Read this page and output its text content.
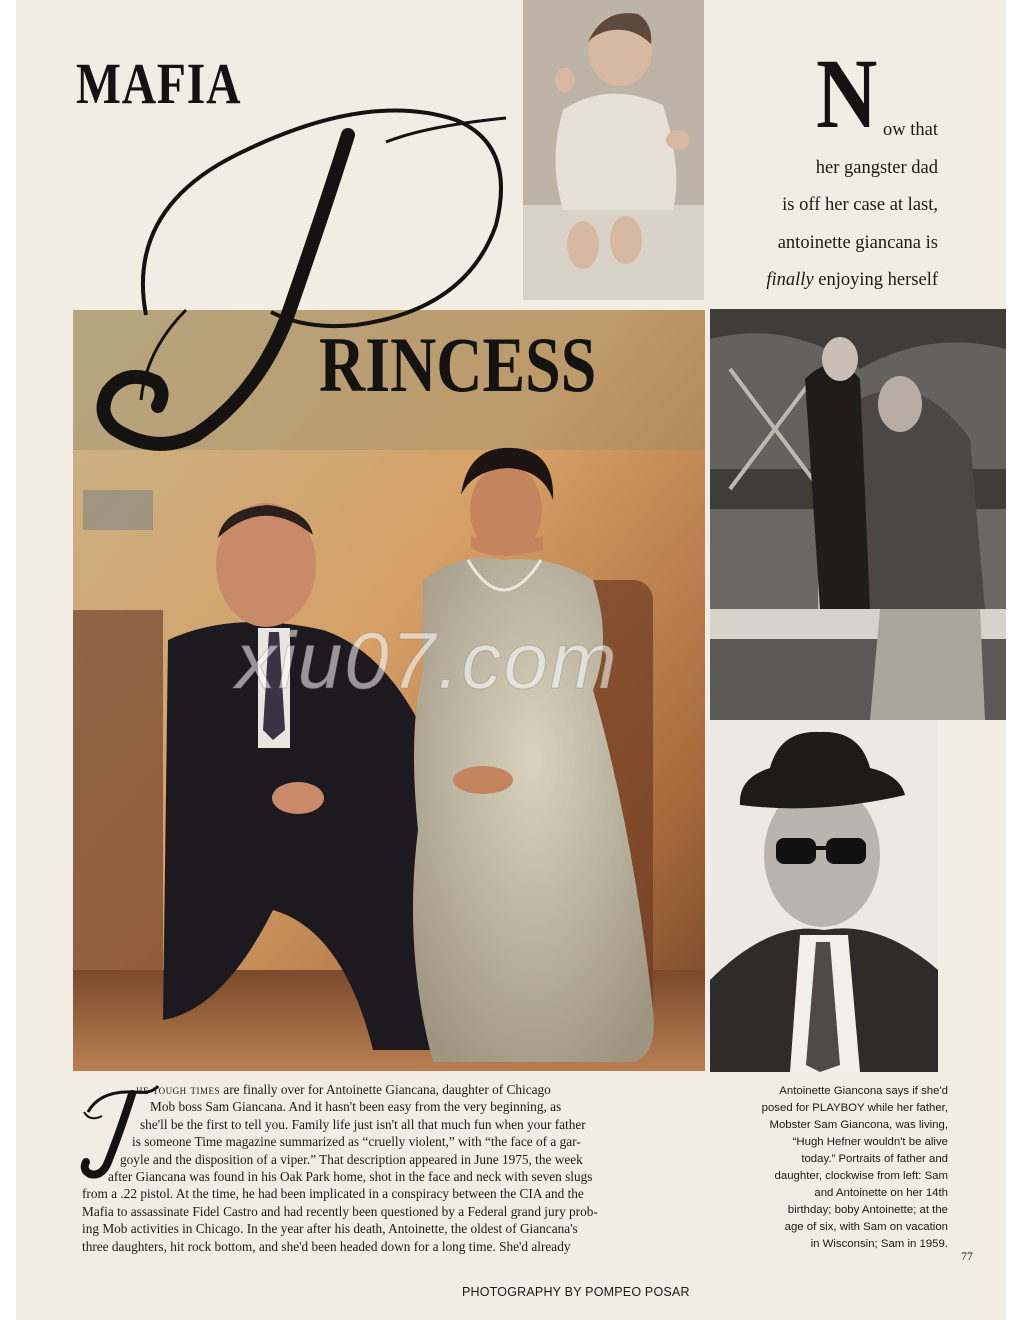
MAFIA
RINCESS
N ow that
her gangster dad
is off her case at last,
antoinette giancana is
finally enjoying herself
xiu07.com
he tough times are finally over for Antoinette Giancana, daughter of Chicago
Mob boss Sam Giancana. And it hasn't been easy from the very beginning, as
she'll be the first to tell you. Family life just isn't all that much fun when your father
is someone Time magazine summarized as “cruelly violent,” with “the face of a gar-
goyle and the disposition of a viper.” That description appeared in June 1975, the week
after Giancana was found in his Oak Park home, shot in the face and neck with seven slugs
from a .22 pistol. At the time, he had been implicated in a conspiracy between the CIA and the
Mafia to assassinate Fidel Castro and had recently been questioned by a Federal grand jury prob-
ing Mob activities in Chicago. In the year after his death, Antoinette, the oldest of Giancana's
three daughters, hit rock bottom, and she'd been headed down for a long time. She'd already
Antoinette Giancona says if she'd
posed for PLAYBOY while her father,
Mobster Sam Giancona, was living,
“Hugh Hefner wouldn't be alive
today.” Portraits of father and
daughter, clockwise from left: Sam
and Antoinette on her 14th
birthday; boby Antoinette; at the
age of six, with Sam on vacation
in Wisconsin; Sam in 1959.
77
PHOTOGRAPHY BY POMPEO POSAR
